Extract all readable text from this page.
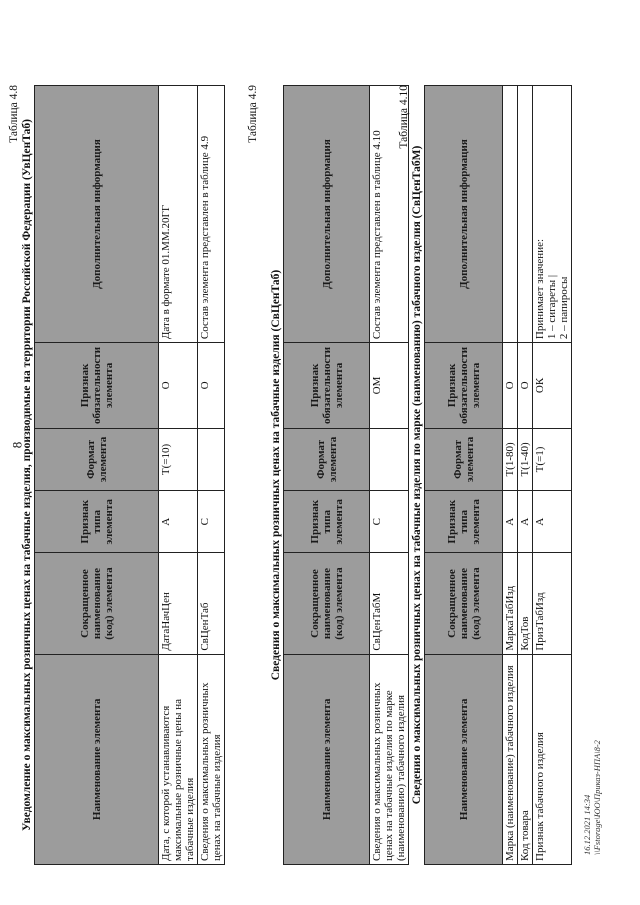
8
Таблица 4.8
Уведомление о максимальных розничных ценах на табачные изделия, производимые на территории Российской Федерации (УвЦенТаб)	Наименование элемента	Сокращенное наименование (код) элемента	Признак типа элемента	Формат элемента	Признак обязательности элемента	Дополнительная информация
Дата, с которой устанавливаются максимальные розничные цены на табачные изделия	ДатаНачЦен	А	T(=10)	О	Дата в формате 01.MM.20ГГ
Сведения о максимальных розничных ценах на табачные изделия	СвЦенТаб	С		О	Состав элемента представлен в таблице 4.9
Таблица 4.9
Сведения о максимальных розничных ценах на табачные изделия (СвЦенТаб)
Наименование элемента	Сокращенное наименование (код) элемента	Признак типа элемента	Формат элемента	Признак обязательности элемента	Дополнительная информация
Сведения о максимальных розничных ценах на табачные изделия по марке (наименованию) табачного изделия	СвЦенТабМ	С		ОМ	Состав элемента представлен в таблице 4.10
Таблица 4.10
Сведения о максимальных розничных ценах на табачные изделия по марке (наименованию) табачного изделия (СвЦенТабМ)	Наименование элемента	Сокращенное наименование (код) элемента	Признак типа элемента	Формат элемента	Признак обязательности элемента	Дополнительная информация
Марка (наименование) табачного изделия	МаркаТабИзд	А	T(1-80)	О	
Код товара	КодТов	А	T(1-40)	О	
Признак табачного изделия	ПризТабИзд	А	T(=1)	ОК	Принимает значение:
1 – сигареты |
2 – папиросы
16.12.2021 14:34 \\Fstorage\ЮО\Приказ-НПА\8-2
